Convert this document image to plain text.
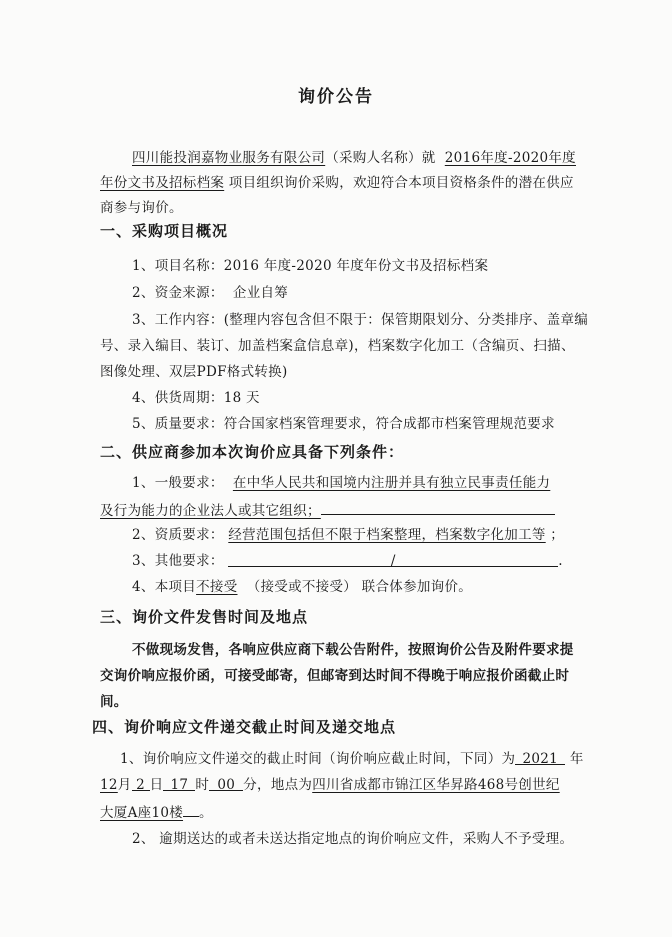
询价公告
四川能投润嘉物业服务有限公司（采购人名称）就 2016年度-2020年度
年份文书及招标档案 项目组织询价采购，欢迎符合本项目资格条件的潜在供应
商参与询价。
一、采购项目概况
1、项目名称：2016 年度-2020 年度年份文书及招标档案
2、资金来源： 企业自筹
3、工作内容：(整理内容包含但不限于：保管期限划分、分类排序、盖章编
号、录入编目、装订、加盖档案盒信息章)，档案数字化加工（含编页、扫描、
图像处理、双层PDF格式转换)
4、供货周期：18 天
5、质量要求：符合国家档案管理要求，符合成都市档案管理规范要求
二、供应商参加本次询价应具备下列条件：
1、一般要求： 在中华人民共和国境内注册并具有独立民事责任能力
及行为能力的企业法人或其它组织；
2、资质要求： 经营范围包括但不限于档案整理，档案数字化加工等 ；
3、其他要求：	/	.
4、本项目不接受 （接受或不接受） 联合体参加询价。
三、询价文件发售时间及地点
不做现场发售，各响应供应商下载公告附件，按照询价公告及附件要求提
交询价响应报价函，可接受邮寄，但邮寄到达时间不得晚于响应报价函截止时
间。
四、询价响应文件递交截止时间及递交地点
1、询价响应文件递交的截止时间（询价响应截止时间，下同）为 2021 年
12月 2 日 17 时 00 分，地点为四川省成都市锦江区华昇路468号创世纪
大厦A座10楼 。
2、 逾期送达的或者未送达指定地点的询价响应文件，采购人不予受理。
